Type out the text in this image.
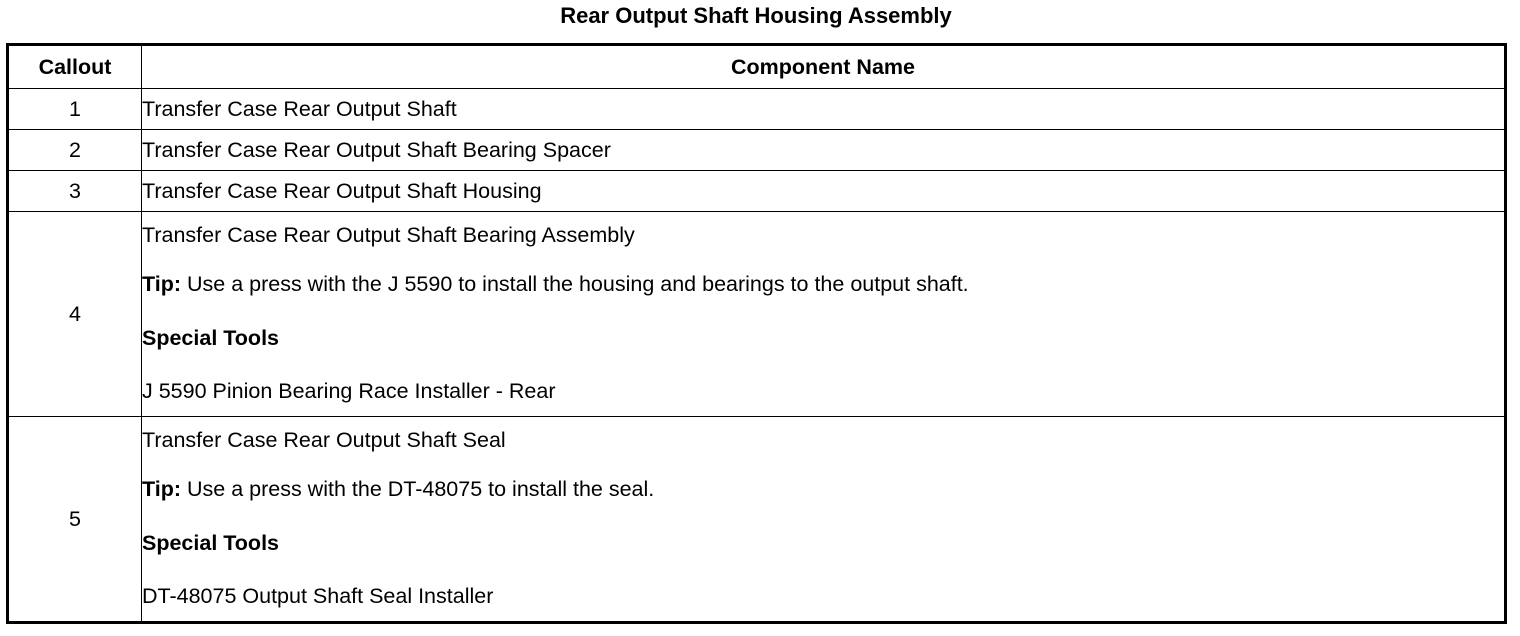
Rear Output Shaft Housing Assembly
Callout	Component Name
1	Transfer Case Rear Output Shaft
2	Transfer Case Rear Output Shaft Bearing Spacer
3	Transfer Case Rear Output Shaft Housing
4	Transfer Case Rear Output Shaft Bearing Assembly
Tip: Use a press with the J 5590 to install the housing and bearings to the output shaft.
Special Tools
J 5590 Pinion Bearing Race Installer - Rear

5	Transfer Case Rear Output Shaft Seal
Tip: Use a press with the DT-48075 to install the seal.
Special Tools
DT-48075 Output Shaft Seal Installer
